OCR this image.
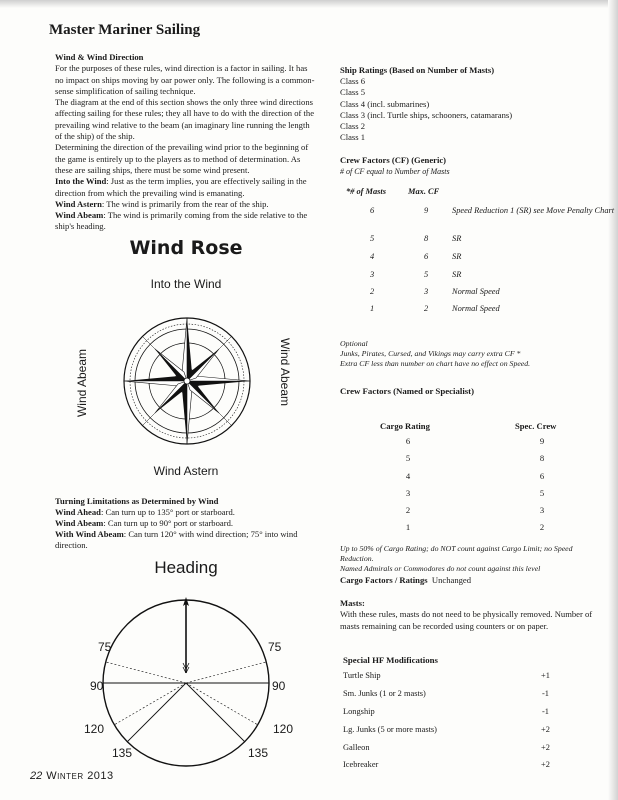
Master Mariner Sailing

Wind & Wind Direction

For the purposes of these rules, wind direction is a factor in sailing. It has no impact on ships moving by oar power only. The following is a common-sense simplification of sailing technique.

The diagram at the end of this section shows the only three wind directions affecting sailing for these rules; they all have to do with the direction of the prevailing wind relative to the beam (an imaginary line running the length of the ship) of the ship.

Determining the direction of the prevailing wind prior to the beginning of the game is entirely up to the players as to method of determination. As these are sailing ships, there must be some wind present.

Into the Wind: Just as the term implies, you are effectively sailing in the direction from which the prevailing wind is emanating.

Wind Astern: The wind is primarily from the rear of the ship.

Wind Abeam: The wind is primarily coming from the side relative to the ship's heading.

Wind Rose
Into the Wind
Wind Abeam	Wind Abeam
Wind Astern

Turning Limitations as Determined by Wind

Wind Ahead: Can turn up to 135° port or starboard.

Wind Abeam: Can turn up to 90° port or starboard.

With Wind Abeam: Can turn 120° with wind direction; 75° into wind direction.

Heading
75	75
90	90
120	120
135	135
22 Winter 2013

Ship Ratings (Based on Number of Masts)

Class 6

Class 5

Class 4 (incl. submarines)

Class 3 (incl. Turtle ships, schooners, catamarans)

Class 2

Class 1

Crew Factors (CF) (Generic)

# of CF equal to Number of Masts

*# of Masts	Max. CF
6	9	Speed Reduction 1 (SR) see Move Penalty Chart
5	8	SR
4	6	SR
3	5	SR
2	3	Normal Speed
1	2	Normal Speed
Optional
Junks, Pirates, Cursed, and Vikings may carry extra CF *
Extra CF less than number on chart have no effect on Speed.
Crew Factors (Named or Specialist)
Cargo Rating	Spec. Crew
6	9
5	8
4	6
3	5
2	3
1	2

Up to 50% of Cargo Rating; do NOT count against Cargo Limit; no Speed Reduction.

Named Admirals or Commodores do not count against this level

Cargo Factors / Ratings Unchanged

Masts:

With these rules, masts do not need to be physically removed. Number of masts remaining can be recorded using counters or on paper.

Special HF Modifications
Turtle Ship	+1
Sm. Junks (1 or 2 masts)	-1
Longship	-1
Lg. Junks (5 or more masts)	+2
Galleon	+2
Icebreaker	+2
